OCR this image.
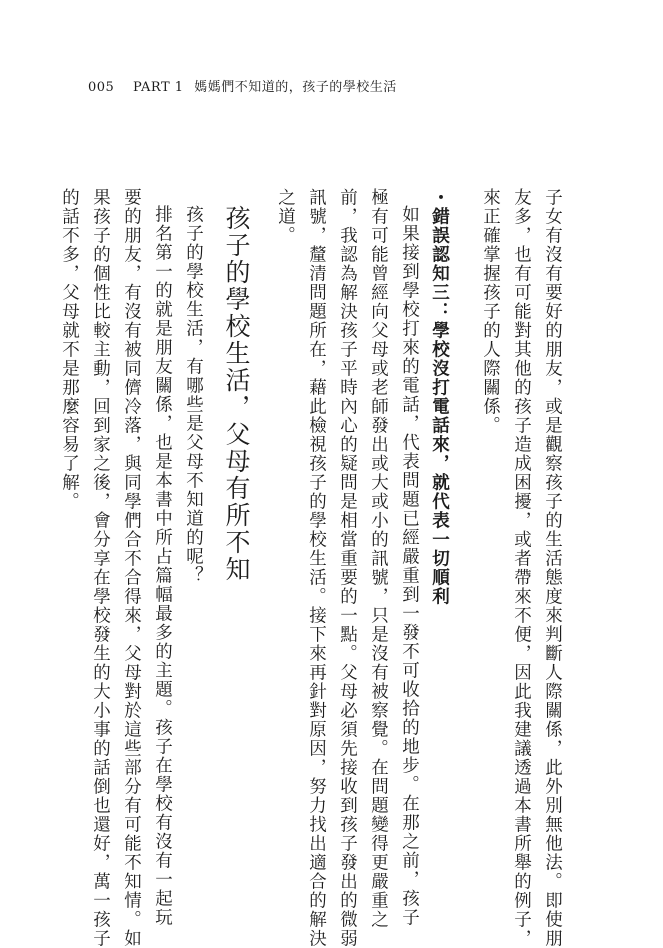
005 PART 1 媽媽們不知道的，孩子的學校生活
子女有沒有要好的朋友，或是觀察孩子的生活態度來判斷人際關係，此外別無他法。即使朋
友多，也有可能對其他的孩子造成困擾，或者帶來不便，因此我建議透過本書所舉的例子，
來正確掌握孩子的人際關係。
・錯誤認知三：學校沒打電話來，就代表一切順利
如果接到學校打來的電話，代表問題已經嚴重到一發不可收拾的地步。在那之前，孩子
極有可能曾經向父母或老師發出或大或小的訊號，只是沒有被察覺。在問題變得更嚴重之
前，我認為解決孩子平時內心的疑問是相當重要的一點。父母必須先接收到孩子發出的微弱
訊號，釐清問題所在，藉此檢視孩子的學校生活。接下來再針對原因，努力找出適合的解決
之道。
孩子的學校生活，父母有所不知
孩子的學校生活，有哪些是父母不知道的呢？
排名第一的就是朋友關係，也是本書中所占篇幅最多的主題。孩子在學校有沒有一起玩
要的朋友，有沒有被同儕冷落，與同學們合不合得來，父母對於這些部分有可能不知情。如
果孩子的個性比較主動，回到家之後，會分享在學校發生的大小事的話倒也還好，萬一孩子
的話不多，父母就不是那麼容易了解。
